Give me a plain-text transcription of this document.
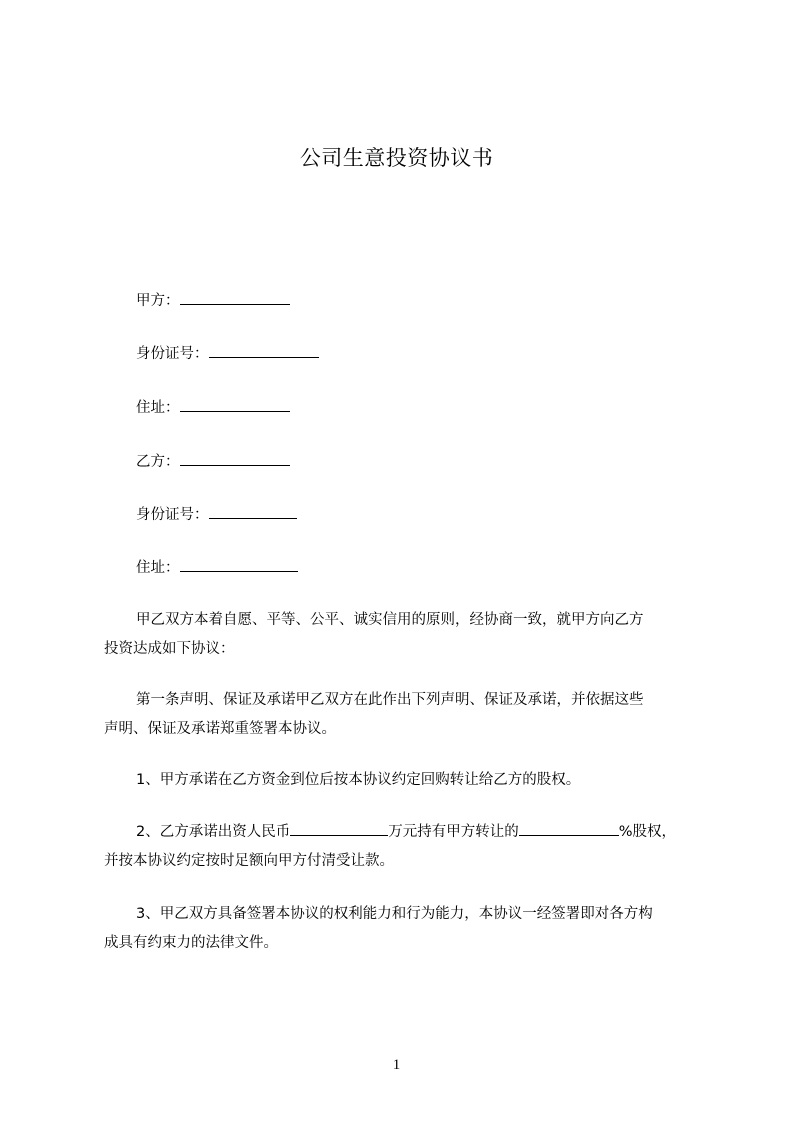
公司生意投资协议书
甲方：
身份证号：
住址：
乙方：
身份证号：
住址：
甲乙双方本着自愿、平等、公平、诚实信用的原则，经协商一致，就甲方向乙方
投资达成如下协议：
第一条声明、保证及承诺甲乙双方在此作出下列声明、保证及承诺，并依据这些
声明、保证及承诺郑重签署本协议。
1、甲方承诺在乙方资金到位后按本协议约定回购转让给乙方的股权。
2、乙方承诺出资人民币	万元持有甲方转让的	%股权，
并按本协议约定按时足额向甲方付清受让款。
3、甲乙双方具备签署本协议的权利能力和行为能力，本协议一经签署即对各方构
成具有约束力的法律文件。
1
